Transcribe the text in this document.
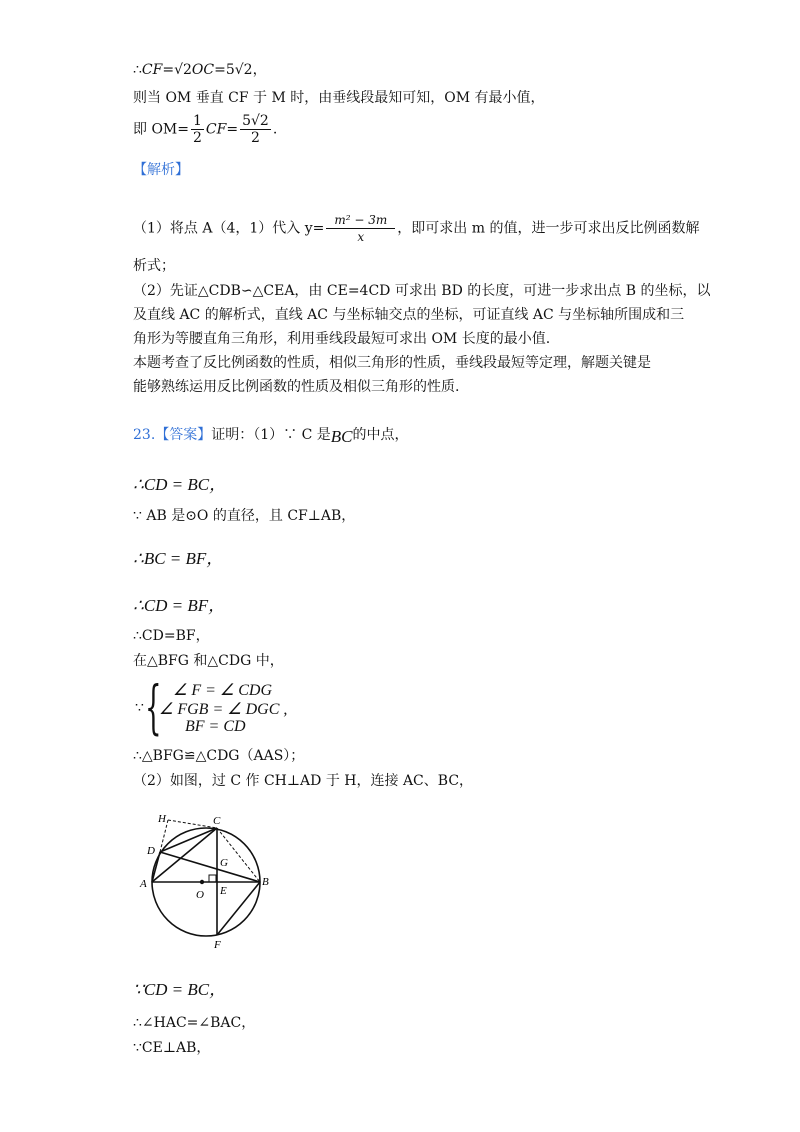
∴CF=√2OC=5√2，
则当 OM 垂直 CF 于 M 时，由垂线段最知可知，OM 有最小值，
即 $OM= \frac{1}{2} CF= \frac{5√2}{2}$ .
【解析】
（1）将点 A（4，1）代入 $y= \frac{\text{m² − 3m}}{x}$ ，即可求出 m 的值，进一步可求出反比例函数解
析式；
（2）先证△CDB∽△CEA，由 CE=4CD 可求出 BD 的长度，可进一步求出点 B 的坐标，以
及直线 AC 的解析式，直线 AC 与坐标轴交点的坐标，可证直线 AC 与坐标轴所围成和三
角形为等腰直角三角形，利用垂线段最短可求出 OM 长度的最小值.
本题考查了反比例函数的性质，相似三角形的性质，垂线段最短等定理，解题关键是
能够熟练运用反比例函数的性质及相似三角形的性质.
23.【答案】证明：（1）∵ C 是BC的中点，
∴CD = BC，
∵ AB 是⊙O 的直径，且 CF⊥AB，
∴BC = BF，
∴CD = BF，
∴CD=BF，
在△BFG 和△CDG 中，
∵ { ∠ F = ∠ CDG
∠ FGB = ∠ DGC ,
BF = CD
∴△BFG≌△CDG（AAS）；
（2）如图，过 C 作 CH⊥AD 于 H，连接 AC、BC，
H	C
D
G
A
O E
B
F
∵CD = BC，
∴∠HAC=∠BAC，
∵CE⊥AB，
